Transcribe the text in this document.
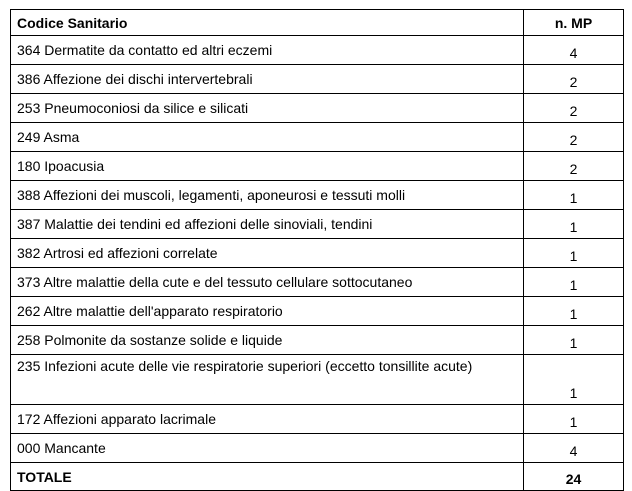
Codice Sanitario	n. MP
364 Dermatite da contatto ed altri eczemi	4
386 Affezione dei dischi intervertebrali	2
253 Pneumoconiosi da silice e silicati	2
249 Asma	2
180 Ipoacusia	2
388 Affezioni dei muscoli, legamenti, aponeurosi e tessuti molli	1
387 Malattie dei tendini ed affezioni delle sinoviali, tendini	1
382 Artrosi ed affezioni correlate	1
373 Altre malattie della cute e del tessuto cellulare sottocutaneo	1
262 Altre malattie dell'apparato respiratorio	1
258 Polmonite da sostanze solide e liquide	1
235 Infezioni acute delle vie respiratorie superiori (eccetto tonsillite acute)	1
172 Affezioni apparato lacrimale	1
000 Mancante	4
TOTALE	24
